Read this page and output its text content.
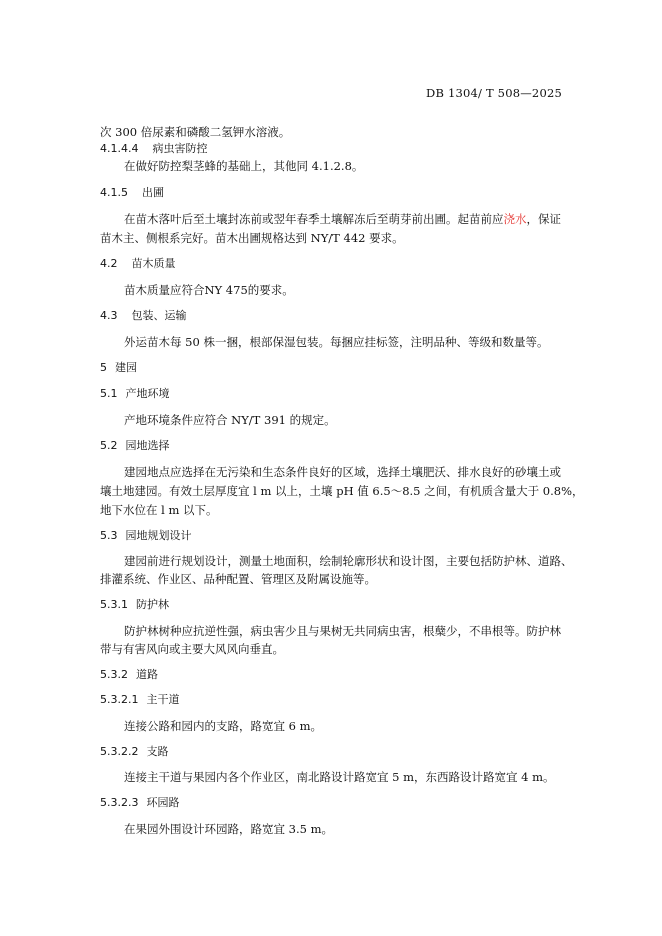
DB 1304/ T 508—2025
次 300 倍尿素和磷酸二氢钾水溶液。
4.1.4.4 病虫害防控
在做好防控梨茎蜂的基础上，其他同 4.1.2.8。
4.1.5 出圃
在苗木落叶后至土壤封冻前或翌年春季土壤解冻后至萌芽前出圃。起苗前应浇水，保证
苗木主、侧根系完好。苗木出圃规格达到 NY/T 442 要求。
4.2 苗木质量
苗木质量应符合NY 475的要求。
4.3 包装、运输
外运苗木每 50 株一捆，根部保湿包装。每捆应挂标签，注明品种、等级和数量等。
5 建园
5.1 产地环境
产地环境条件应符合 NY/T 391 的规定。
5.2 园地选择
建园地点应选择在无污染和生态条件良好的区域，选择土壤肥沃、排水良好的砂壤土或
壤土地建园。有效土层厚度宜 l m 以上，土壤 pH 值 6.5～8.5 之间，有机质含量大于 0.8%，
地下水位在 l m 以下。
5.3 园地规划设计
建园前进行规划设计，测量土地面积，绘制轮廓形状和设计图，主要包括防护林、道路、
排灌系统、作业区、品种配置、管理区及附属设施等。
5.3.1 防护林
防护林树种应抗逆性强，病虫害少且与果树无共同病虫害，根蘖少，不串根等。防护林
带与有害风向或主要大风风向垂直。
5.3.2 道路
5.3.2.1 主干道
连接公路和园内的支路，路宽宜 6 m。
5.3.2.2 支路
连接主干道与果园内各个作业区，南北路设计路宽宜 5 m，东西路设计路宽宜 4 m。
5.3.2.3 环园路
在果园外围设计环园路，路宽宜 3.5 m。
